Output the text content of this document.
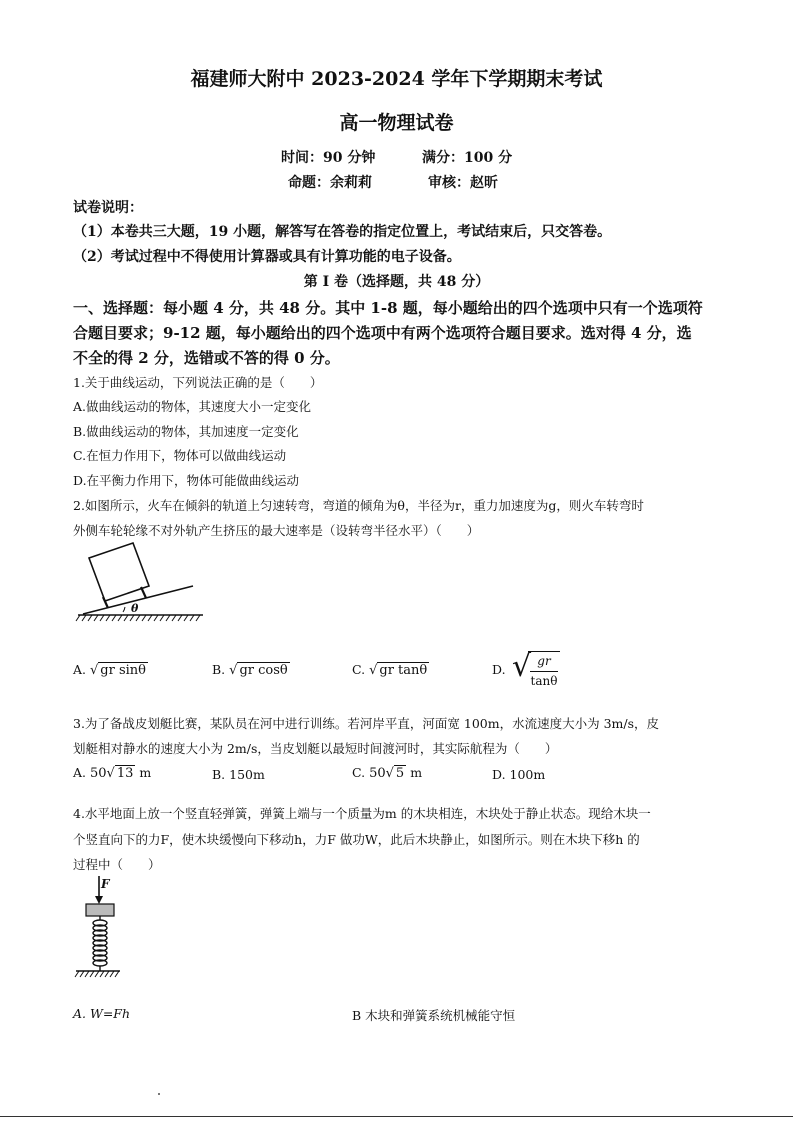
福建师大附中 2023-2024 学年下学期期末考试
高一物理试卷
时间：90 分钟	满分：100 分
命题：余莉莉	审核：赵昕
试卷说明：
（1）本卷共三大题，19 小题，解答写在答卷的指定位置上，考试结束后，只交答卷。
（2）考试过程中不得使用计算器或具有计算功能的电子设备。
第 I 卷（选择题，共 48 分）
一、选择题：每小题 4 分，共 48 分。其中 1-8 题，每小题给出的四个选项中只有一个选项符
合题目要求；9-12 题，每小题给出的四个选项中有两个选项符合题目要求。选对得 4 分，选
不全的得 2 分，选错或不答的得 0 分。
1.关于曲线运动，下列说法正确的是（　　）
A.做曲线运动的物体，其速度大小一定变化
B.做曲线运动的物体，其加速度一定变化
C.在恒力作用下，物体可以做曲线运动
D.在平衡力作用下，物体可能做曲线运动
2.如图所示，火车在倾斜的轨道上匀速转弯，弯道的倾角为θ，半径为r，重力加速度为g，则火车转弯时
外侧车轮轮缘不对外轨产生挤压的最大速率是（设转弯半径水平）（　　）
θ
A. √ gr sinθ	B. √ gr cosθ	C. √ gr tanθ	D. √ gr
tanθ
3.为了备战皮划艇比赛，某队员在河中进行训练。若河岸平直，河面宽 100m，水流速度大小为 3m/s，皮
划艇相对静水的速度大小为 2m/s，当皮划艇以最短时间渡河时，其实际航程为（　　）
A. 50√ 13 m	B. 150m	C. 50√ 5 m	D. 100m
4.水平地面上放一个竖直轻弹簧，弹簧上端与一个质量为m 的木块相连，木块处于静止状态。现给木块一
个竖直向下的力F，使木块缓慢向下移动h，力F 做功W，此后木块静止，如图所示。则在木块下移h 的
过程中（　　）
F
A. W=Fh	B 木块和弹簧系统机械能守恒
